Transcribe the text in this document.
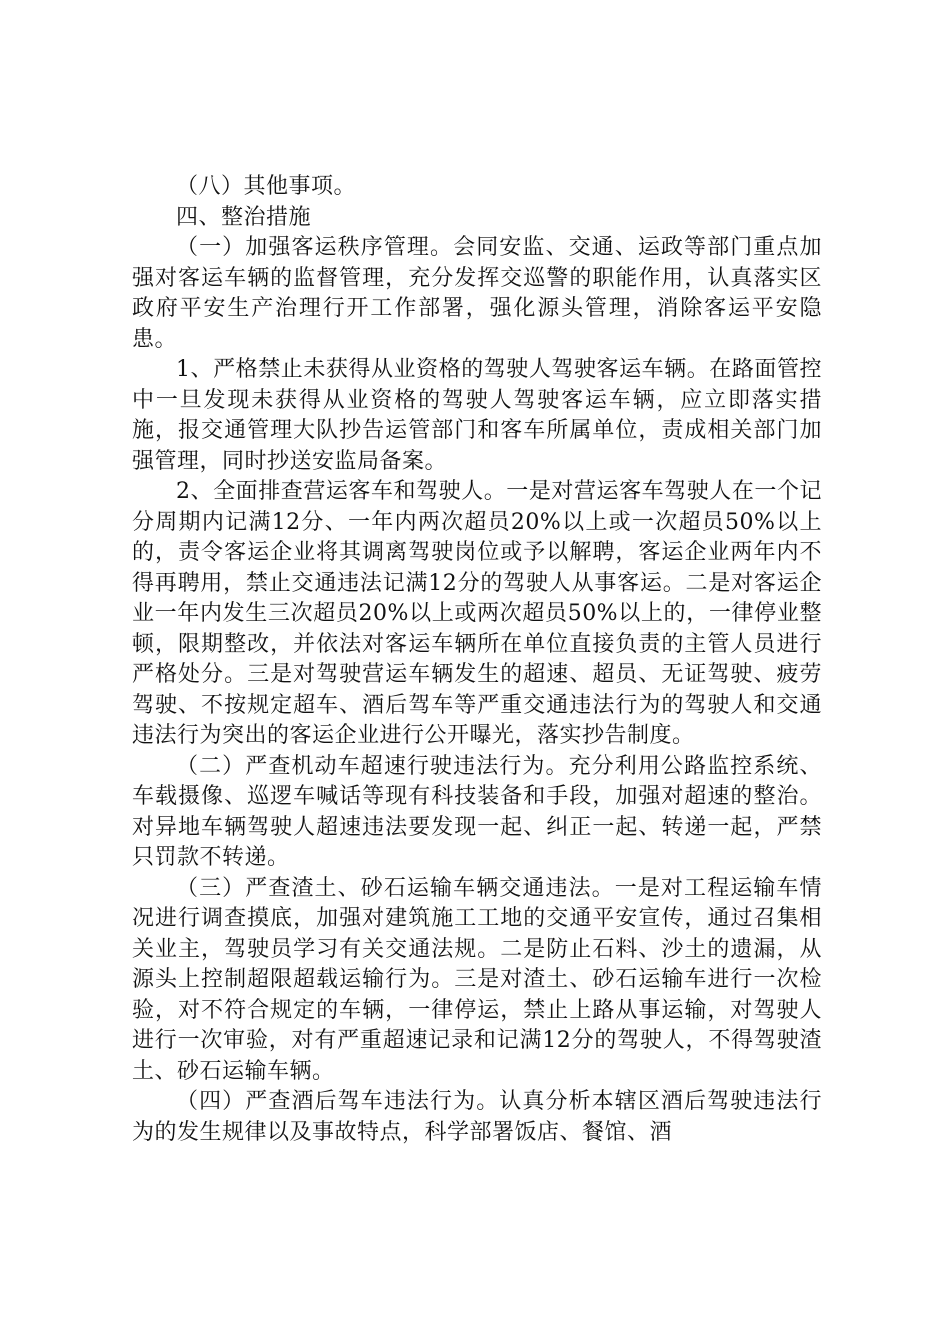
（八）其他事项。

四、整治措施

（一）加强客运秩序管理。会同安监、交通、运政等部门重点加强对客运车辆的监督管理，充分发挥交巡警的职能作用，认真落实区政府平安生产治理行开工作部署，强化源头管理，消除客运平安隐患。

1、严格禁止未获得从业资格的驾驶人驾驶客运车辆。在路面管控中一旦发现未获得从业资格的驾驶人驾驶客运车辆，应立即落实措施，报交通管理大队抄告运管部门和客车所属单位，责成相关部门加强管理，同时抄送安监局备案。

2、全面排查营运客车和驾驶人。一是对营运客车驾驶人在一个记分周期内记满12分、一年内两次超员20%以上或一次超员50%以上的，责令客运企业将其调离驾驶岗位或予以解聘，客运企业两年内不得再聘用，禁止交通违法记满12分的驾驶人从事客运。二是对客运企业一年内发生三次超员20%以上或两次超员50%以上的，一律停业整顿，限期整改，并依法对客运车辆所在单位直接负责的主管人员进行严格处分。三是对驾驶营运车辆发生的超速、超员、无证驾驶、疲劳驾驶、不按规定超车、酒后驾车等严重交通违法行为的驾驶人和交通违法行为突出的客运企业进行公开曝光，落实抄告制度。

（二）严查机动车超速行驶违法行为。充分利用公路监控系统、车载摄像、巡逻车喊话等现有科技装备和手段，加强对超速的整治。对异地车辆驾驶人超速违法要发现一起、纠正一起、转递一起，严禁只罚款不转递。

（三）严查渣土、砂石运输车辆交通违法。一是对工程运输车情况进行调查摸底，加强对建筑施工工地的交通平安宣传，通过召集相关业主，驾驶员学习有关交通法规。二是防止石料、沙土的遗漏，从源头上控制超限超载运输行为。三是对渣土、砂石运输车进行一次检验，对不符合规定的车辆，一律停运，禁止上路从事运输，对驾驶人进行一次审验，对有严重超速记录和记满12分的驾驶人，不得驾驶渣土、砂石运输车辆。

（四）严查酒后驾车违法行为。认真分析本辖区酒后驾驶违法行为的发生规律以及事故特点，科学部署饭店、餐馆、酒
